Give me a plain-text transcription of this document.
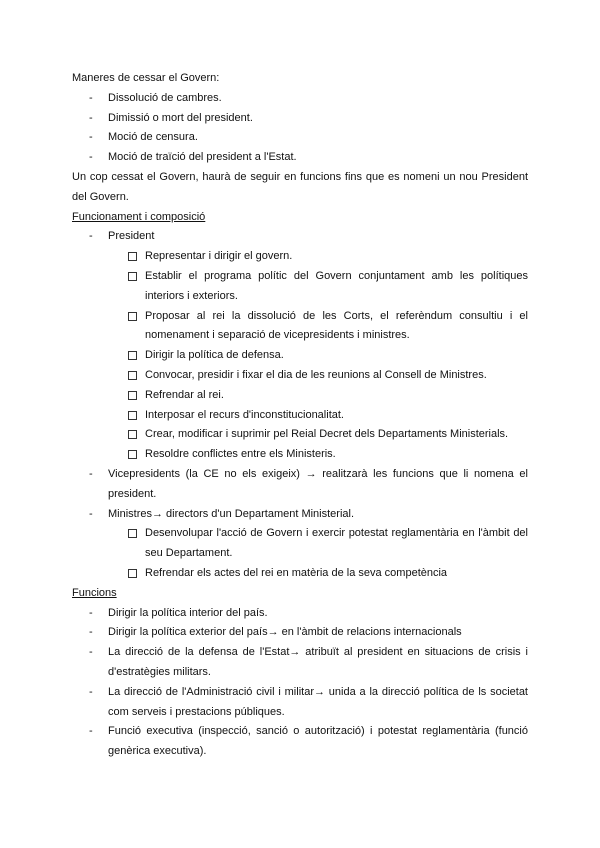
Maneres de cessar el Govern:

- Dissolució de cambres.
- Dimissió o mort del president.
- Moció de censura.
- Moció de traïció del president a l'Estat.

Un cop cessat el Govern, haurà de seguir en funcions fins que es nomeni un nou President del Govern.

Funcionament i composició

- President
Representar i dirigir el govern.
Establir el programa polític del Govern conjuntament amb les polítiques interiors i exteriors.
Proposar al rei la dissolució de les Corts, el referèndum consultiu i el nomenament i separació de vicepresidents i ministres.
Dirigir la política de defensa.
Convocar, presidir i fixar el dia de les reunions al Consell de Ministres.
Refrendar al rei.
Interposar el recurs d'inconstitucionalitat.
Crear, modificar i suprimir pel Reial Decret dels Departaments Ministerials.
Resoldre conflictes entre els Ministeris.
- Vicepresidents (la CE no els exigeix) → realitzarà les funcions que li nomena el president.
- Ministres→ directors d'un Departament Ministerial.
Desenvolupar l'acció de Govern i exercir potestat reglamentària en l'àmbit del seu Departament.
Refrendar els actes del rei en matèria de la seva competència

Funcions

- Dirigir la política interior del país.
- Dirigir la política exterior del país→ en l'àmbit de relacions internacionals
- La direcció de la defensa de l'Estat→ atribuït al president en situacions de crisis i d'estratègies militars.
- La direcció de l'Administració civil i militar→ unida a la direcció política de ls societat com serveis i prestacions públiques.
- Funció executiva (inspecció, sanció o autorització) i potestat reglamentària (funció genèrica executiva).
